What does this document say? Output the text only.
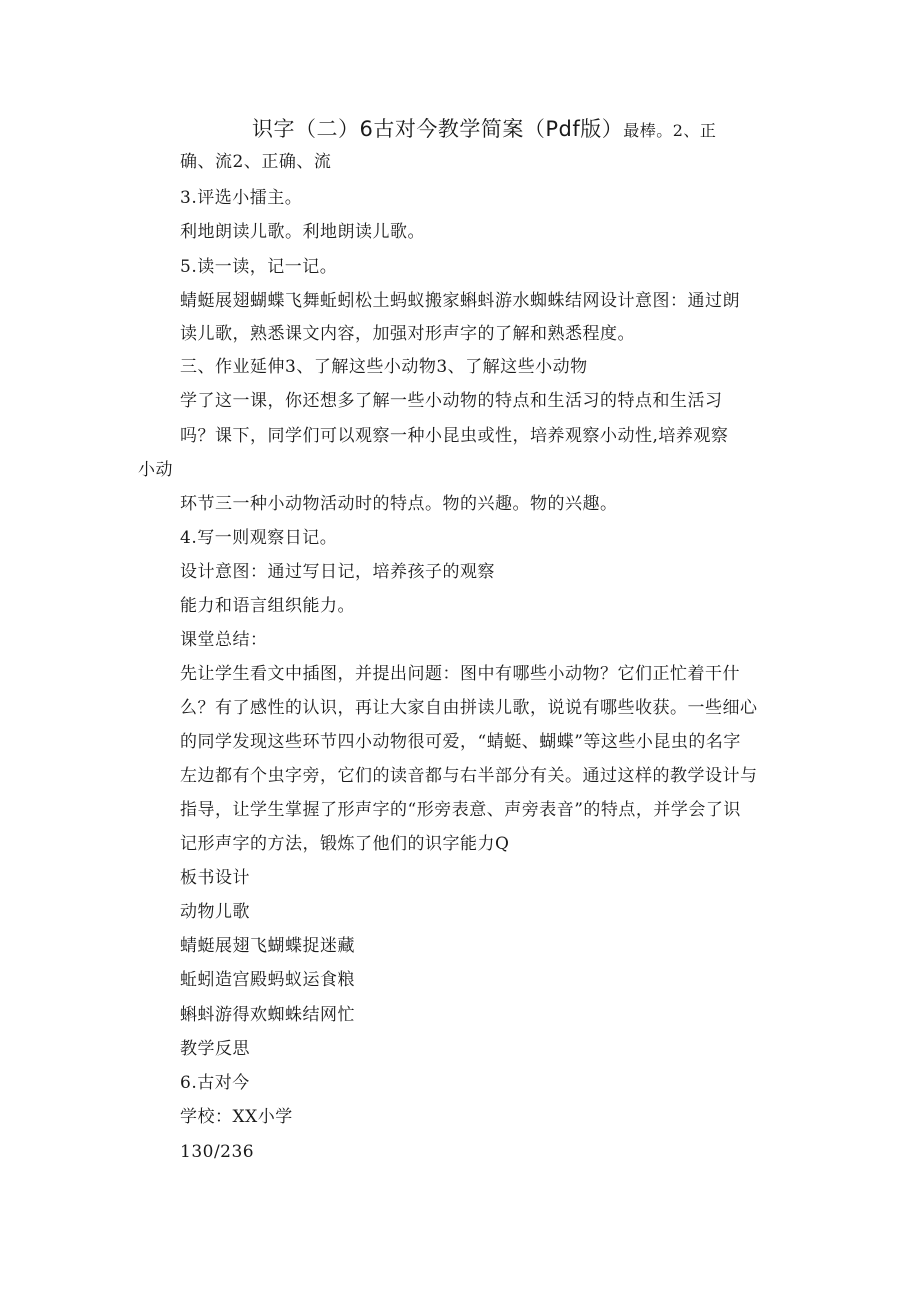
识字（二）6古对今教学简案（Pdf版）最棒。2、正
确、流2、正确、流
3.评选小擂主。
利地朗读儿歌。利地朗读儿歌。
5.读一读，记一记。
蜻蜓展翅蝴蝶飞舞蚯蚓松土蚂蚁搬家蝌蚪游水蜘蛛结网设计意图：通过朗
读儿歌，熟悉课文内容，加强对形声字的了解和熟悉程度。
三、作业延伸3、了解这些小动物3、了解这些小动物
学了这一课，你还想多了解一些小动物的特点和生活习的特点和生活习
吗？课下，同学们可以观察一种小昆虫或性，培养观察小动性,培养观察
小动
环节三一种小动物活动时的特点。物的兴趣。物的兴趣。
4.写一则观察日记。
设计意图：通过写日记，培养孩子的观察
能力和语言组织能力。
课堂总结：
先让学生看文中插图，并提出问题：图中有哪些小动物？它们正忙着干什
么？有了感性的认识，再让大家自由拼读儿歌，说说有哪些收获。一些细心
的同学发现这些环节四小动物很可爱，“蜻蜓、蝴蝶”等这些小昆虫的名字
左边都有个虫字旁，它们的读音都与右半部分有关。通过这样的教学设计与
指导，让学生掌握了形声字的“形旁表意、声旁表音”的特点，并学会了识
记形声字的方法，锻炼了他们的识字能力Q
板书设计
动物儿歌
蜻蜓展翅飞蝴蝶捉迷藏
蚯蚓造宫殿蚂蚁运食粮
蝌蚪游得欢蜘蛛结网忙
教学反思
6.古对今
学校：XX小学
130/236
